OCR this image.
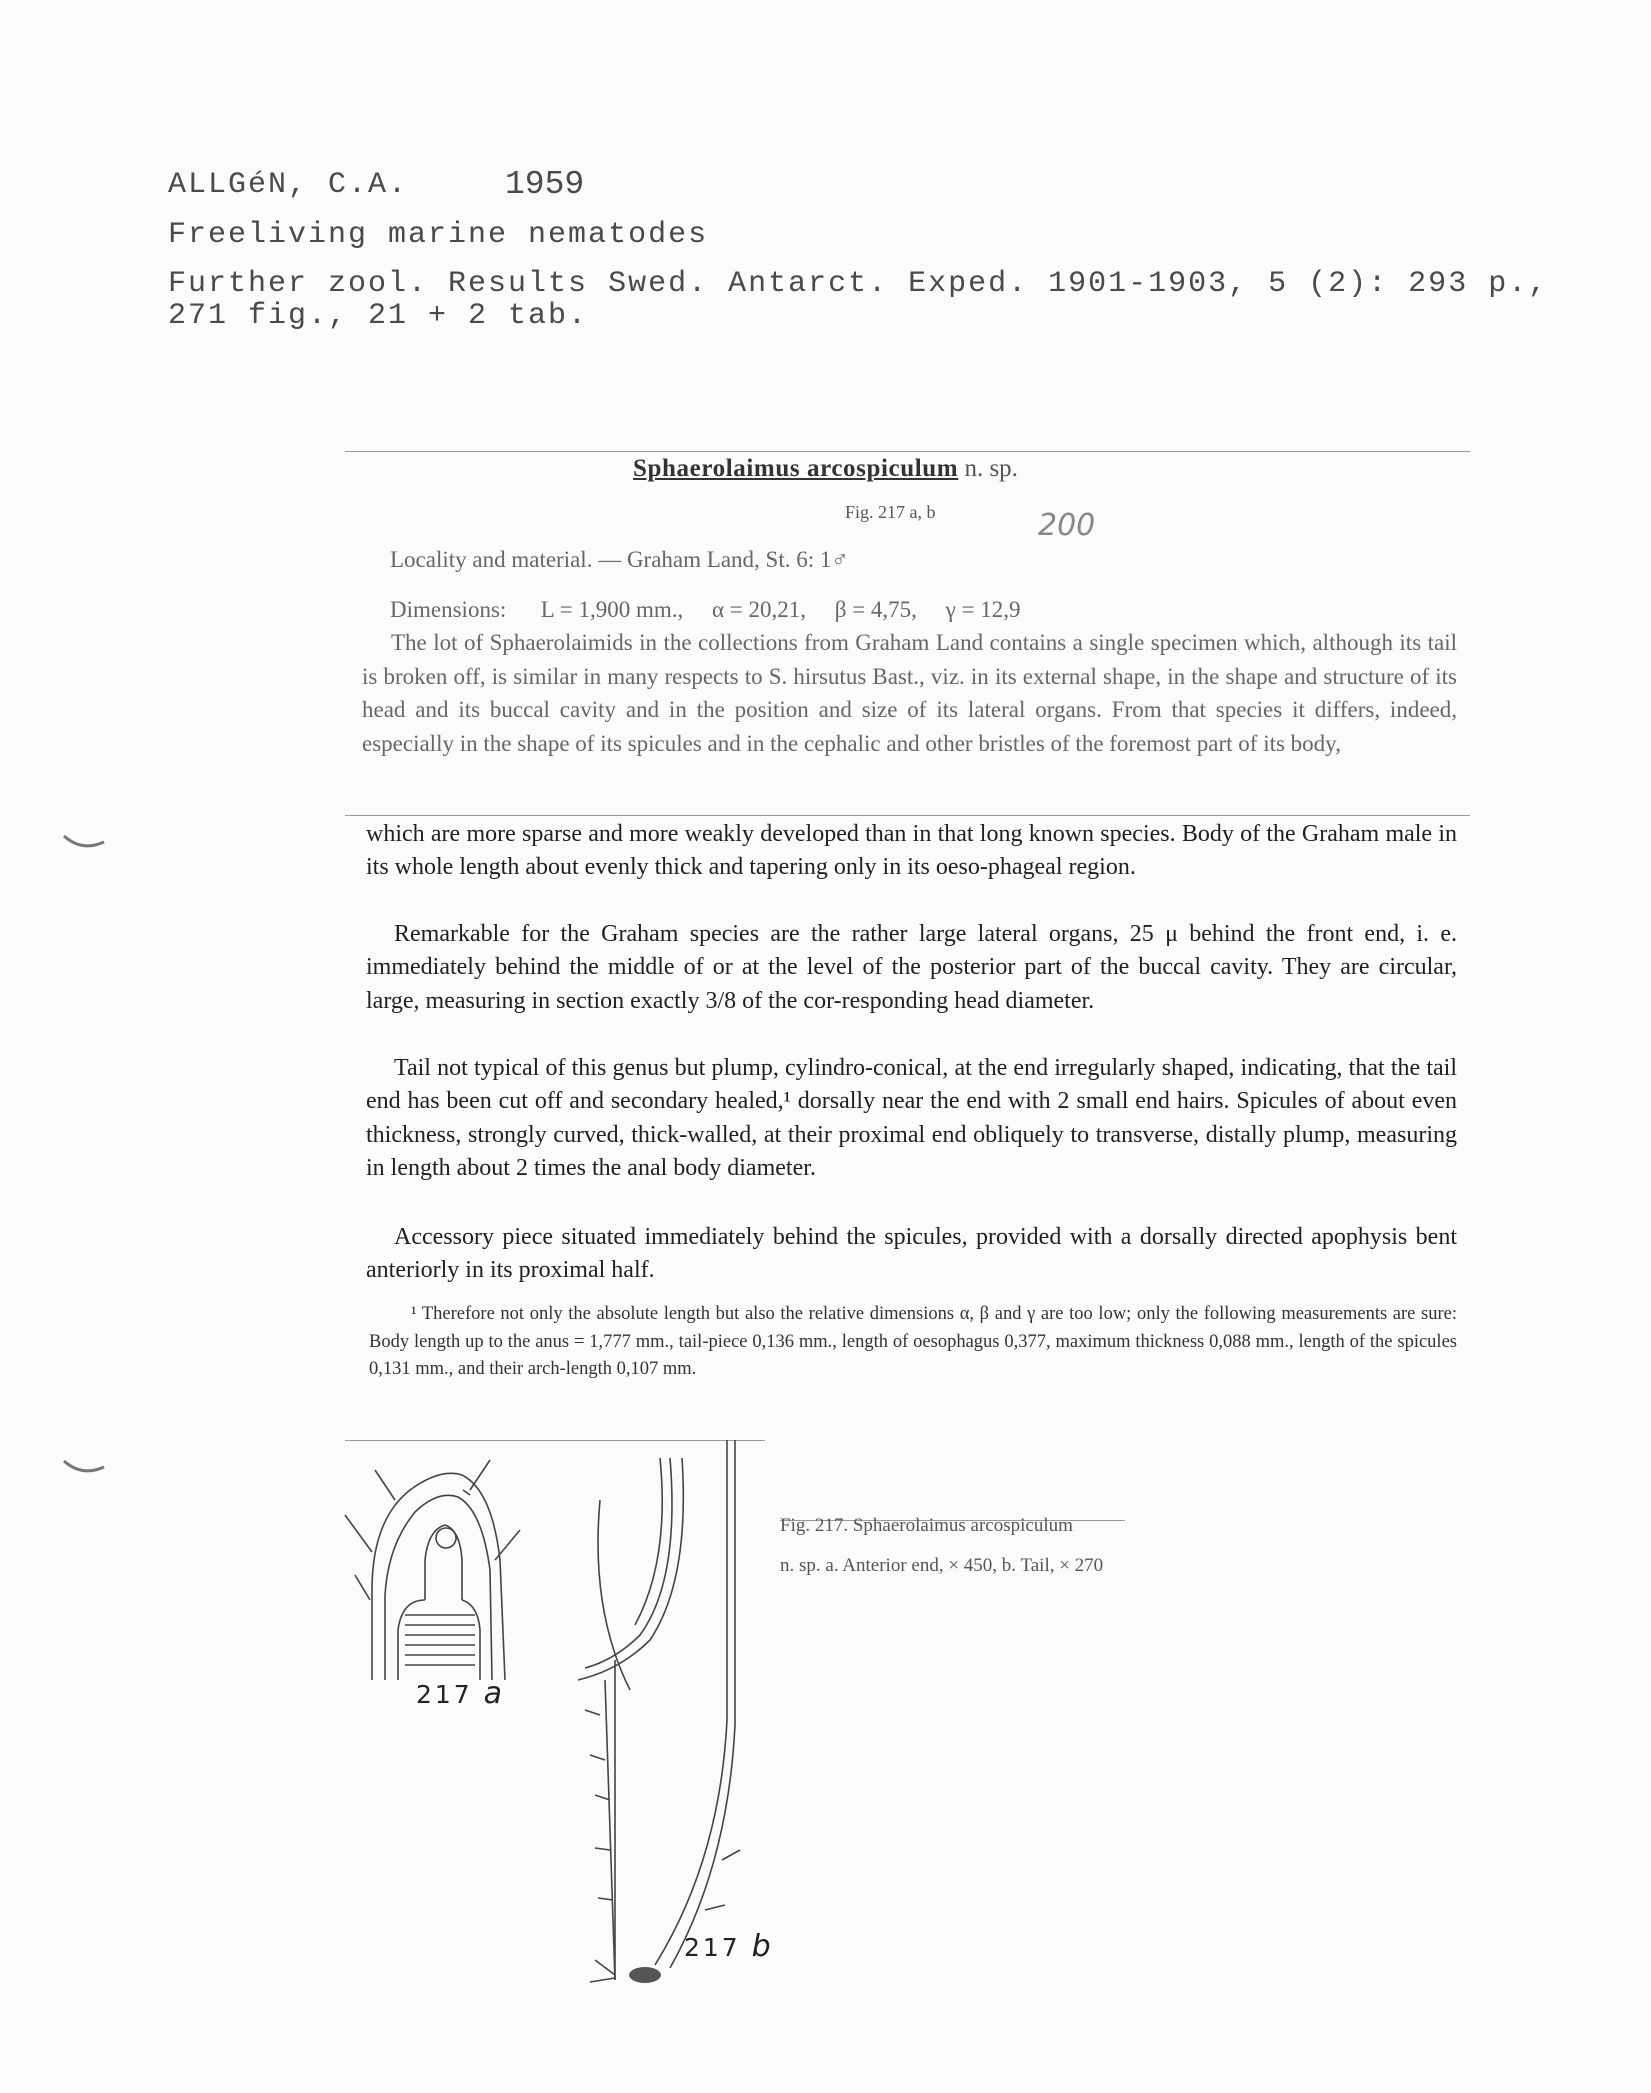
ALLGéN, C.A.	1959
Freeliving marine nematodes
Further zool. Results Swed. Antarct. Exped. 1901-1903, 5 (2): 293 p., 271 fig., 21 + 2 tab.
Sphaerolaimus arcospiculum n. sp.
Fig. 217 a, b	200
Locality and material. — Graham Land, St. 6: 1♂
Dimensions:      L = 1,900 mm.,     α = 20,21,     β = 4,75,     γ = 12,9
The lot of Sphaerolaimids in the collections from Graham Land contains a single specimen which, although its tail is broken off, is similar in many respects to S. hirsutus Bast., viz. in its external shape, in the shape and structure of its head and its buccal cavity and in the position and size of its lateral organs. From that species it differs, indeed, especially in the shape of its spicules and in the cephalic and other bristles of the foremost part of its body,

which are more sparse and more weakly developed than in that long known species. Body of the Graham male in its whole length about evenly thick and tapering only in its oeso-phageal region.

Remarkable for the Graham species are the rather large lateral organs, 25 μ behind the front end, i. e. immediately behind the middle of or at the level of the posterior part of the buccal cavity. They are circular, large, measuring in section exactly 3/8 of the cor-responding head diameter.

Tail not typical of this genus but plump, cylindro-conical, at the end irregularly shaped, indicating, that the tail end has been cut off and secondary healed,¹ dorsally near the end with 2 small end hairs. Spicules of about even thickness, strongly curved, thick-walled, at their proximal end obliquely to transverse, distally plump, measuring in length about 2 times the anal body diameter.

Accessory piece situated immediately behind the spicules, provided with a dorsally directed apophysis bent anteriorly in its proximal half.

¹ Therefore not only the absolute length but also the relative dimensions α, β and γ are too low; only the following measurements are sure: Body length up to the anus = 1,777 mm., tail-piece 0,136 mm., length of oesophagus 0,377, maximum thickness 0,088 mm., length of the spicules 0,131 mm., and their arch-length 0,107 mm.
Fig. 217. Sphaerolaimus arcospiculum
n. sp. a. Anterior end, × 450, b. Tail, × 270
217 a
217 b
